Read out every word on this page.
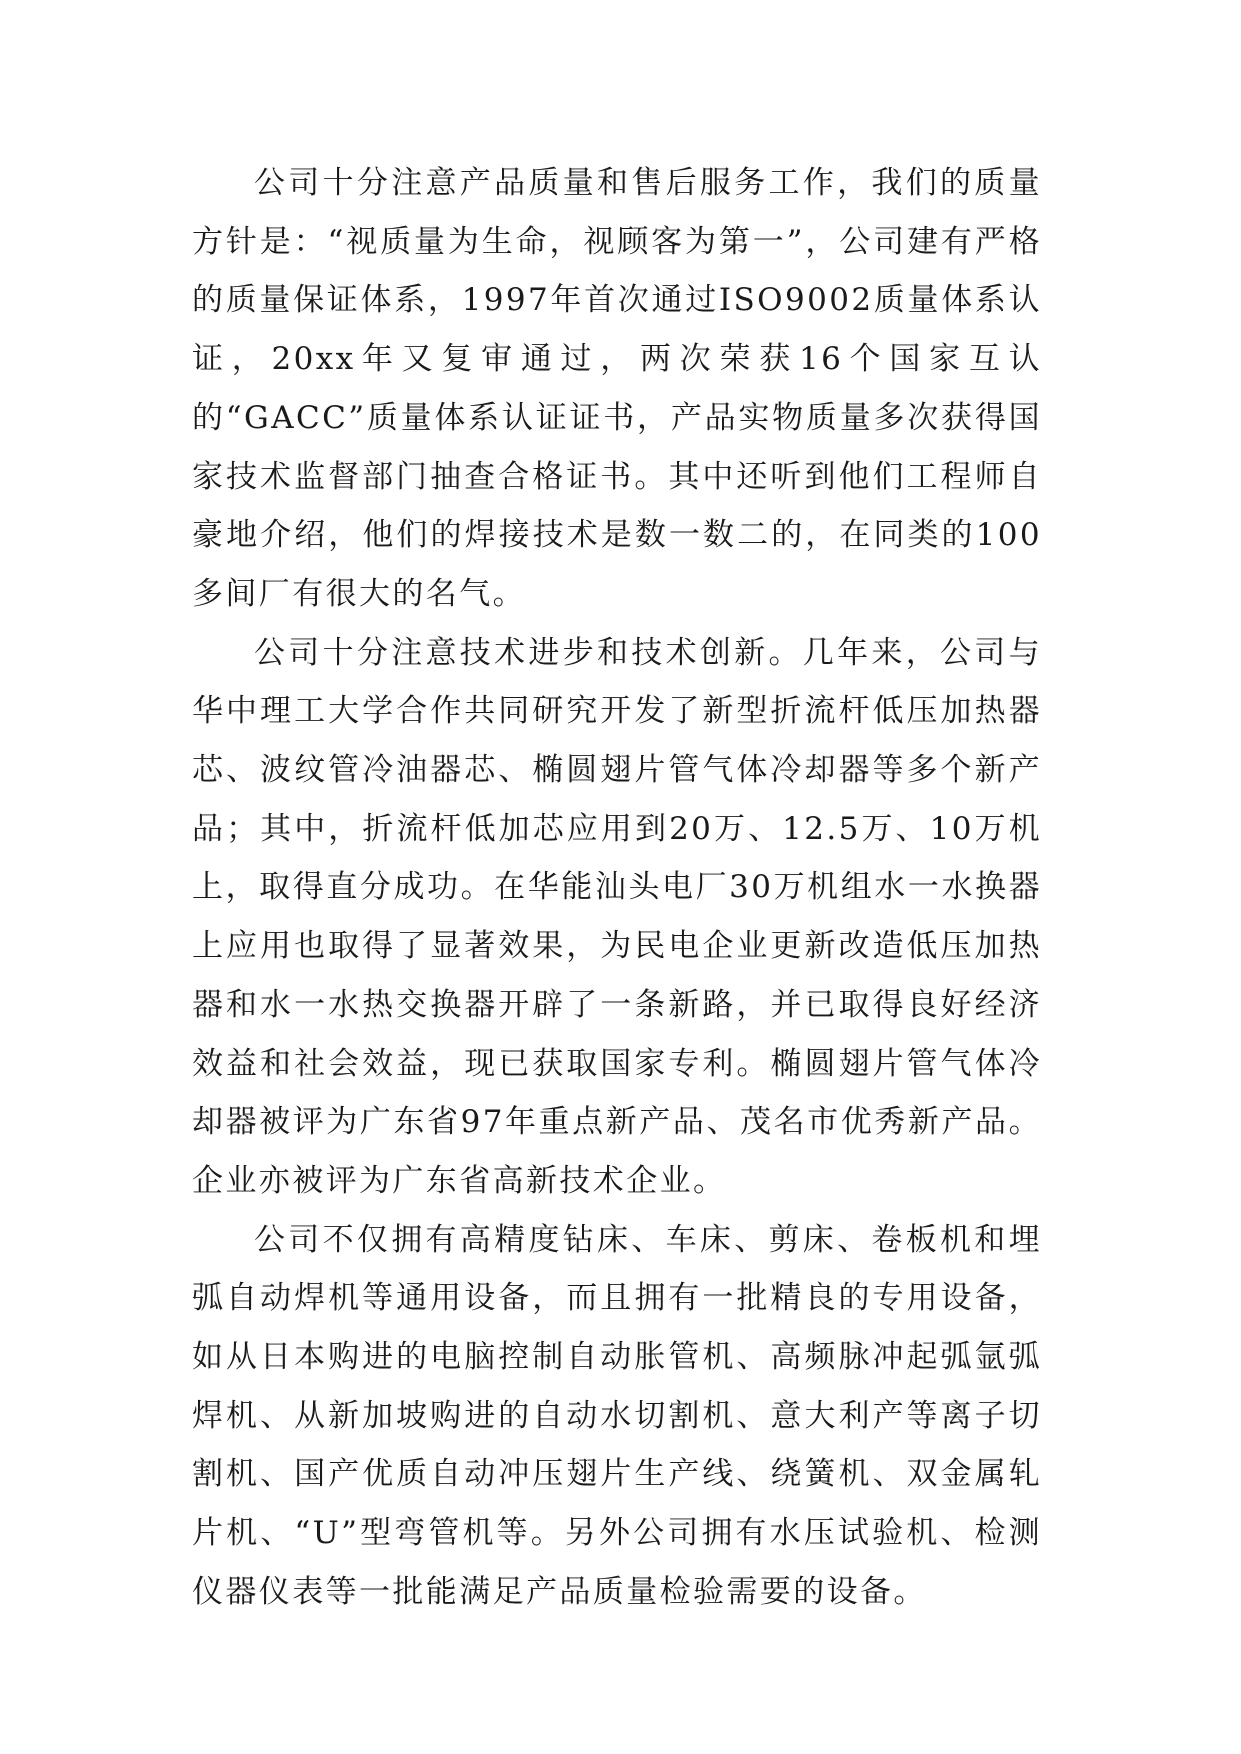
公司十分注意产品质量和售后服务工作，我们的质量方针是：“视质量为生命，视顾客为第一”，公司建有严格的质量保证体系，1997年首次通过ISO9002质量体系认证，20xx年又复审通过，两次荣获16个国家互认的“GACC”质量体系认证证书，产品实物质量多次获得国家技术监督部门抽查合格证书。其中还听到他们工程师自豪地介绍，他们的焊接技术是数一数二的，在同类的100多间厂有很大的名气。

公司十分注意技术进步和技术创新。几年来，公司与华中理工大学合作共同研究开发了新型折流杆低压加热器芯、波纹管冷油器芯、椭圆翅片管气体冷却器等多个新产品；其中，折流杆低加芯应用到20万、12.5万、10万机上，取得直分成功。在华能汕头电厂30万机组水一水换器上应用也取得了显著效果，为民电企业更新改造低压加热器和水一水热交换器开辟了一条新路，并已取得良好经济效益和社会效益，现已获取国家专利。椭圆翅片管气体冷却器被评为广东省97年重点新产品、茂名市优秀新产品。企业亦被评为广东省高新技术企业。

公司不仅拥有高精度钻床、车床、剪床、卷板机和埋弧自动焊机等通用设备，而且拥有一批精良的专用设备，如从日本购进的电脑控制自动胀管机、高频脉冲起弧氩弧焊机、从新加坡购进的自动水切割机、意大利产等离子切割机、国产优质自动冲压翅片生产线、绕簧机、双金属轧片机、“U”型弯管机等。另外公司拥有水压试验机、检测仪器仪表等一批能满足产品质量检验需要的设备。
